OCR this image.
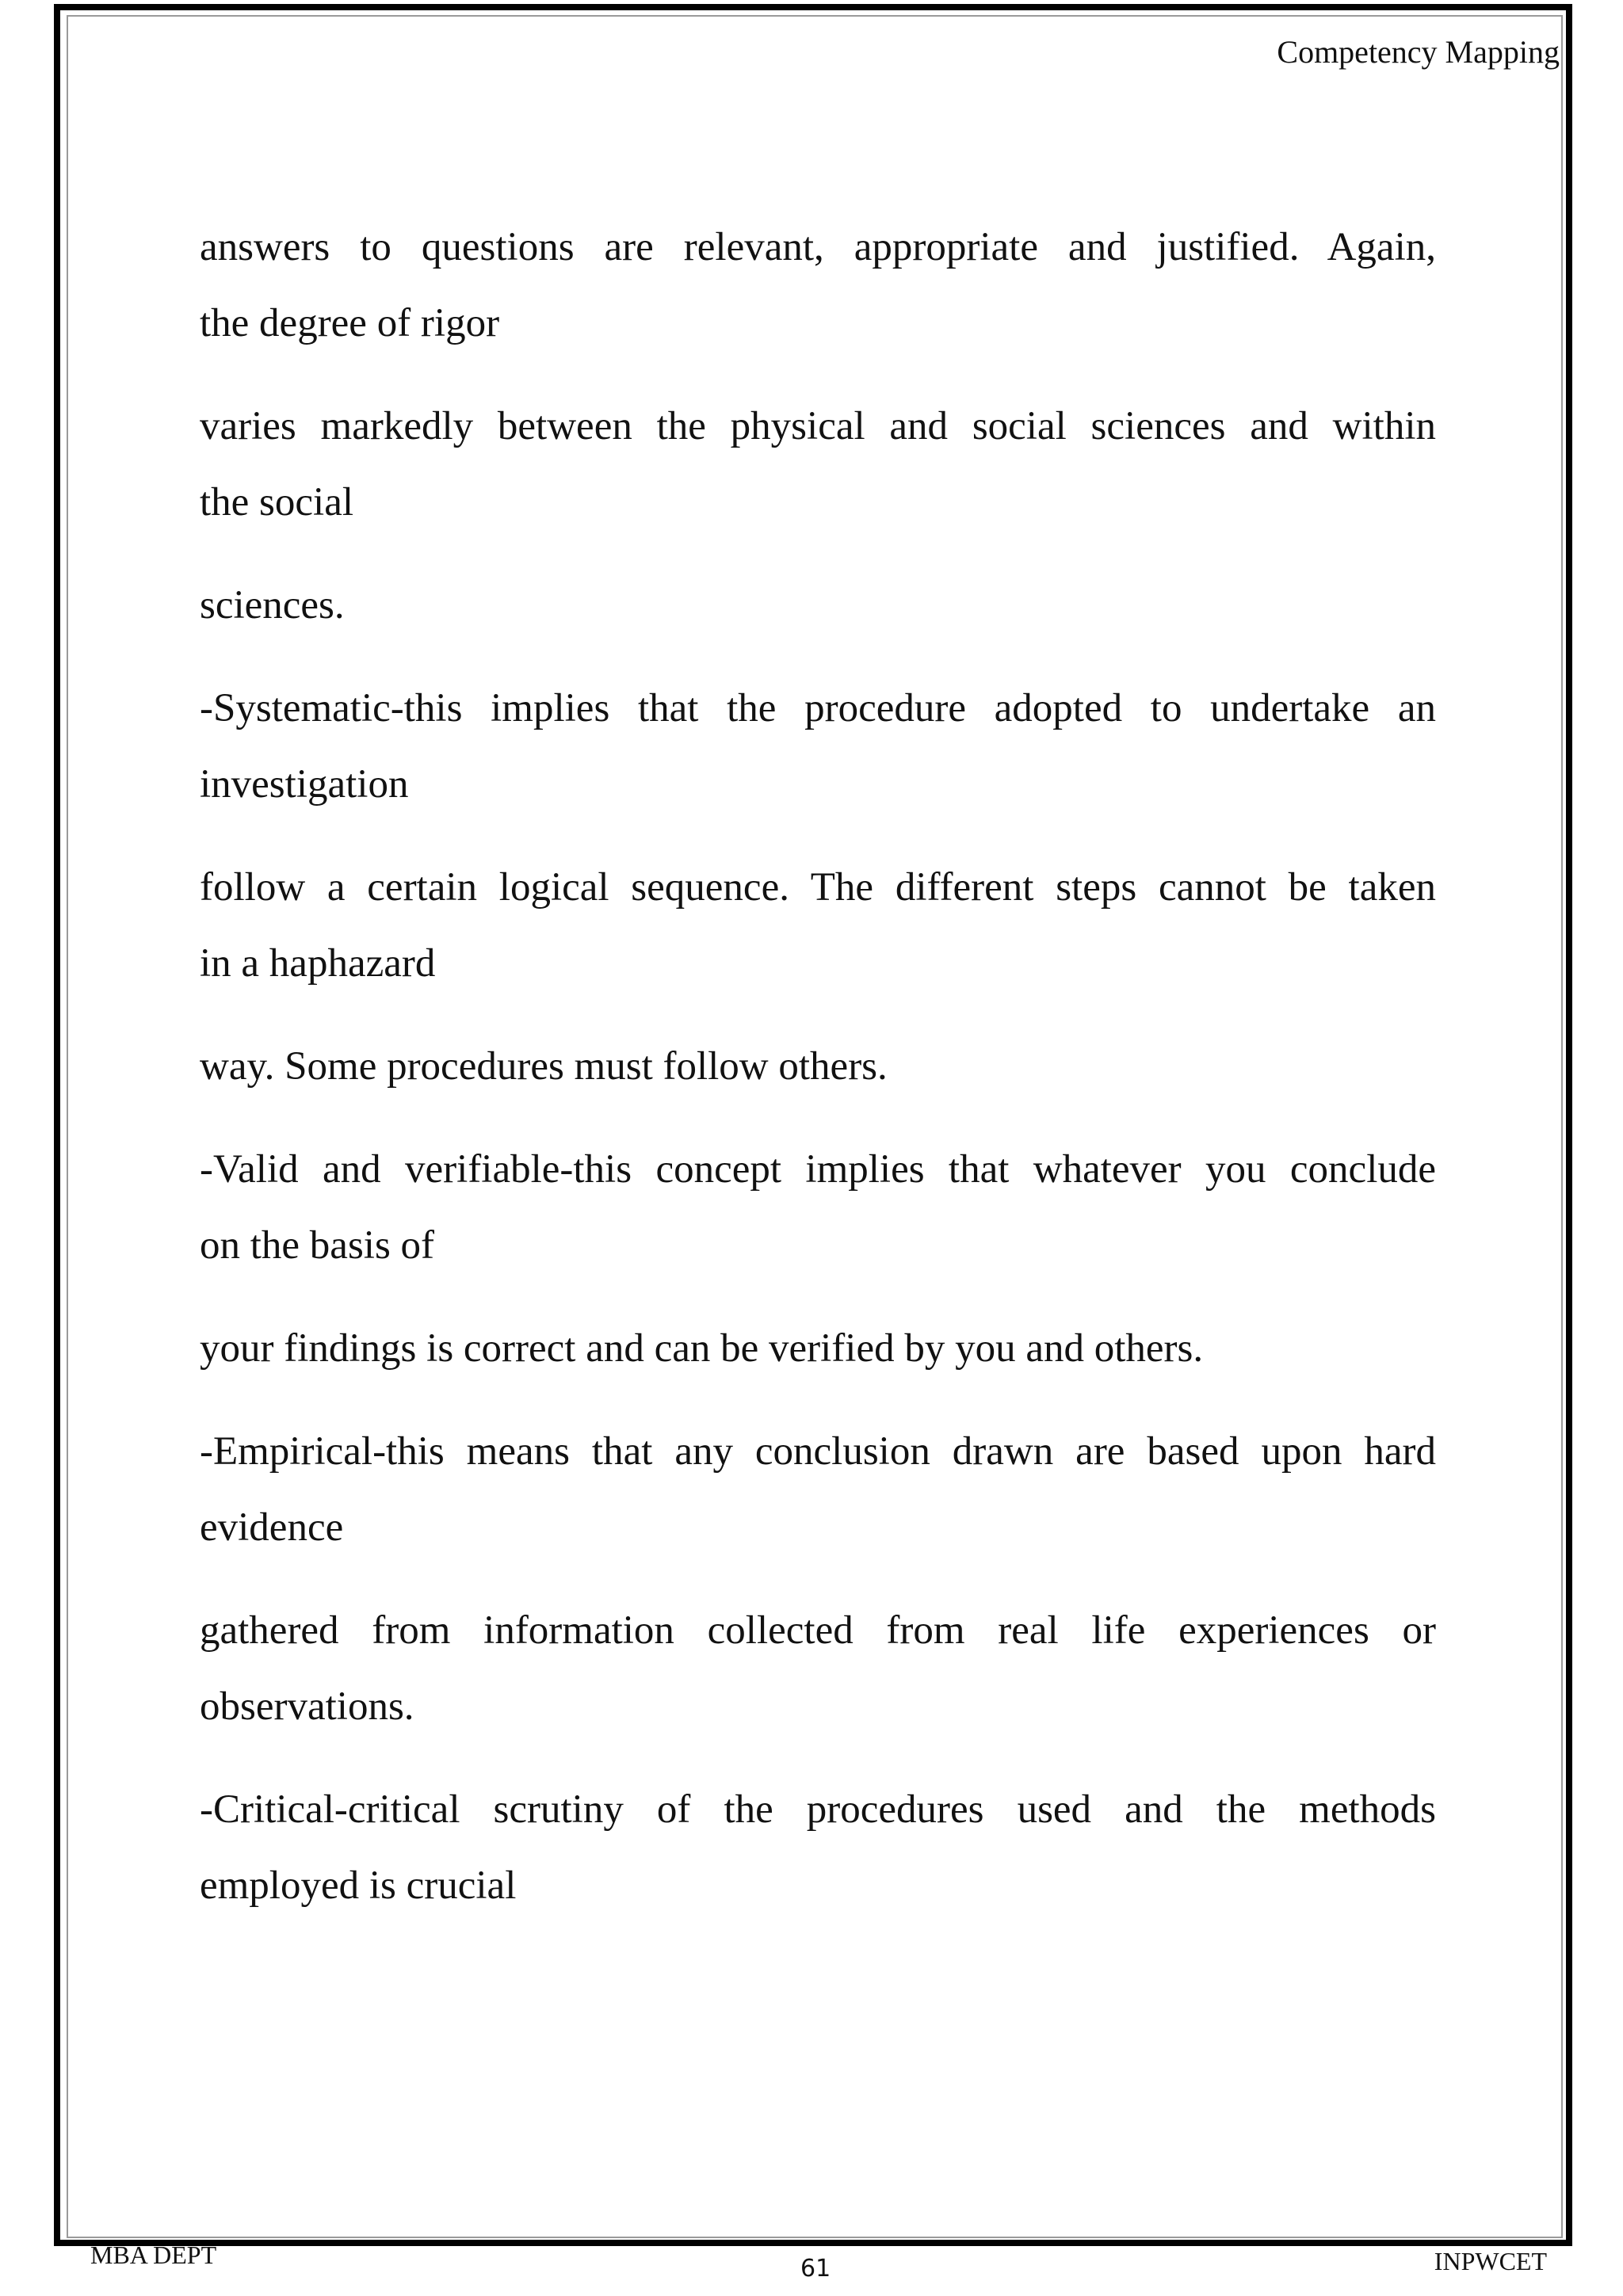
Competency Mapping

answers to questions are relevant, appropriate and justified. Again,
the degree of rigor

varies markedly between the physical and social sciences and within
the social

sciences.

-Systematic-this implies that the procedure adopted to undertake an
investigation

follow a certain logical sequence. The different steps cannot be taken
in a haphazard

way. Some procedures must follow others.

-Valid and verifiable-this concept implies that whatever you conclude
on the basis of

your findings is correct and can be verified by you and others.

-Empirical-this means that any conclusion drawn are based upon hard
evidence

gathered from information collected from real life experiences or
observations.

-Critical-critical scrutiny of the procedures used and the methods
employed is crucial

MBA DEPT	61	INPWCET
